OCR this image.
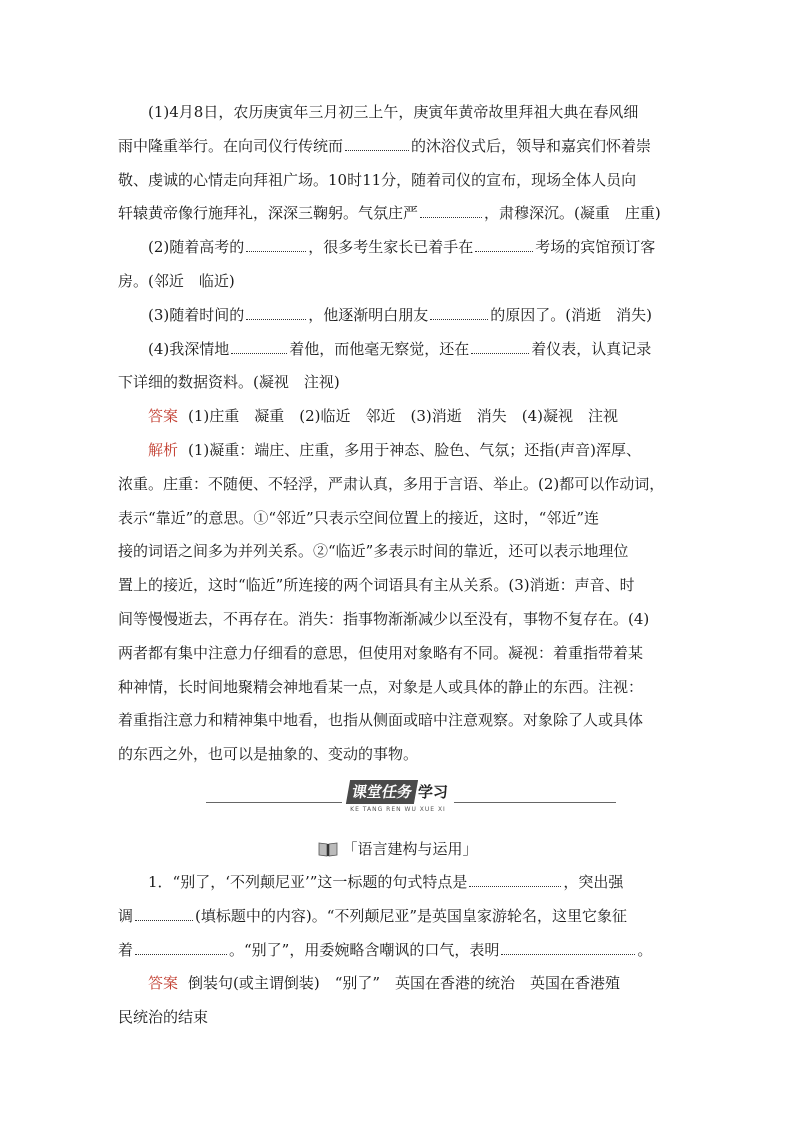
(1)4月8日，农历庚寅年三月初三上午，庚寅年黄帝故里拜祖大典在春风细

雨中隆重举行。在向司仪行传统而	的沐浴仪式后，领导和嘉宾们怀着崇

敬、虔诚的心情走向拜祖广场。10时11分，随着司仪的宣布，现场全体人员向

轩辕黄帝像行施拜礼，深深三鞠躬。气氛庄严	，肃穆深沉。(凝重　庄重)

(2)随着高考的	，很多考生家长已着手在	考场的宾馆预订客

房。(邻近　临近)

(3)随着时间的	，他逐渐明白朋友	的原因了。(消逝　消失)

(4)我深情地	着他，而他毫无察觉，还在	着仪表，认真记录

下详细的数据资料。(凝视　注视)

答案 (1)庄重　凝重　(2)临近　邻近　(3)消逝　消失　(4)凝视　注视

解析 (1)凝重：端庄、庄重，多用于神态、脸色、气氛；还指(声音)浑厚、

浓重。庄重：不随便、不轻浮，严肃认真，多用于言语、举止。(2)都可以作动词，

表示“靠近”的意思。①“邻近”只表示空间位置上的接近，这时，“邻近”连

接的词语之间多为并列关系。②“临近”多表示时间的靠近，还可以表示地理位

置上的接近，这时“临近”所连接的两个词语具有主从关系。(3)消逝：声音、时

间等慢慢逝去，不再存在。消失：指事物渐渐减少以至没有，事物不复存在。(4)

两者都有集中注意力仔细看的意思，但使用对象略有不同。凝视：着重指带着某

种神情，长时间地聚精会神地看某一点，对象是人或具体的静止的东西。注视：

着重指注意力和精神集中地看，也指从侧面或暗中注意观察。对象除了人或具体

的东西之外，也可以是抽象的、变动的事物。

课堂任务 学习
KE TANG REN WU XUE XI
「语言建构与运用」

1．“别了，‘不列颠尼亚’”这一标题的句式特点是	，突出强

调	(填标题中的内容)。“不列颠尼亚”是英国皇家游轮名，这里它象征

着	。“别了”，用委婉略含嘲讽的口气，表明	。

答案 倒装句(或主谓倒装)　“别了”　英国在香港的统治　英国在香港殖

民统治的结束
